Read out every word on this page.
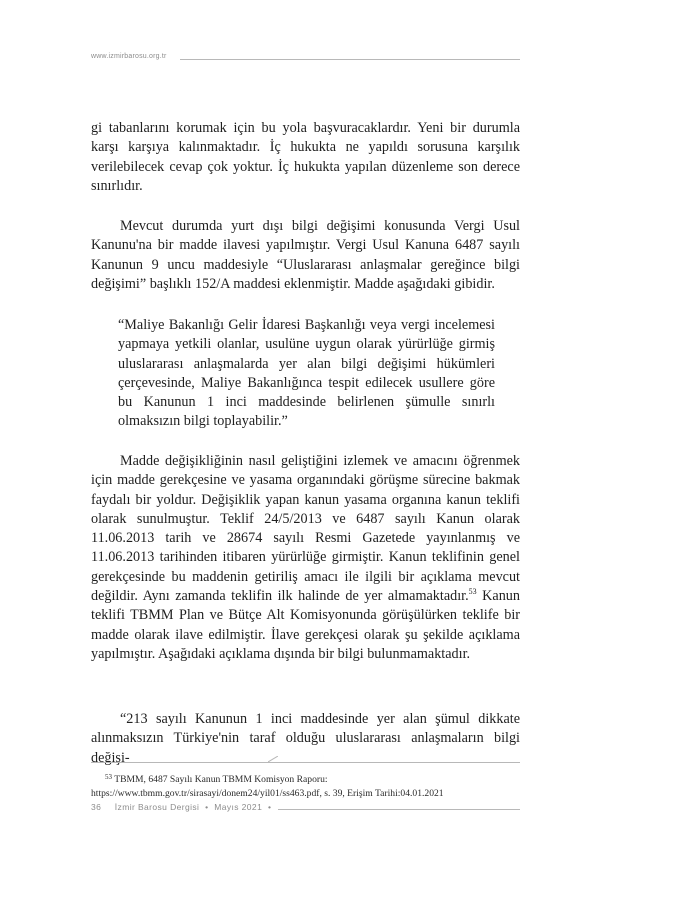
www.izmirbarosu.org.tr

gi tabanlarını korumak için bu yola başvuracaklardır. Yeni bir durumla karşı karşıya kalınmaktadır. İç hukukta ne yapıldı sorusuna karşılık verilebilecek cevap çok yoktur. İç hukukta yapılan düzenleme son derece sınırlıdır.

Mevcut durumda yurt dışı bilgi değişimi konusunda Vergi Usul Kanunu'na bir madde ilavesi yapılmıştır. Vergi Usul Kanuna 6487 sayılı Kanunun 9 uncu maddesiyle “Uluslararası anlaşmalar gereğince bilgi değişimi” başlıklı 152/A maddesi eklenmiştir. Madde aşağıdaki gibidir.

“Maliye Bakanlığı Gelir İdaresi Başkanlığı veya vergi incelemesi yapmaya yetkili olanlar, usulüne uygun olarak yürürlüğe girmiş uluslararası anlaşmalarda yer alan bilgi değişimi hükümleri çerçevesinde, Maliye Bakanlığınca tespit edilecek usullere göre bu Kanunun 1 inci maddesinde belirlenen şümulle sınırlı olmaksızın bilgi toplayabilir.”

Madde değişikliğinin nasıl geliştiğini izlemek ve amacını öğrenmek için madde gerekçesine ve yasama organındaki görüşme sürecine bakmak faydalı bir yoldur. Değişiklik yapan kanun yasama organına kanun teklifi olarak sunulmuştur. Teklif 24/5/2013 ve 6487 sayılı Kanun olarak 11.06.2013 tarih ve 28674 sayılı Resmi Gazetede yayınlanmış ve 11.06.2013 tarihinden itibaren yürürlüğe girmiştir. Kanun teklifinin genel gerekçesinde bu maddenin getiriliş amacı ile ilgili bir açıklama mevcut değildir. Aynı zamanda teklifin ilk halinde de yer almamaktadır.$^{53}$ Kanun teklifi TBMM Plan ve Bütçe Alt Komisyonunda görüşülürken teklife bir madde olarak ilave edilmiştir. İlave gerekçesi olarak şu şekilde açıklama yapılmıştır. Aşağıdaki açıklama dışında bir bilgi bulunmamaktadır.

“213 sayılı Kanunun 1 inci maddesinde yer alan şümul dikkate alınmaksızın Türkiye'nin taraf olduğu uluslararası anlaşmaların bilgi değişi-

$^{53}$ TBMM, 6487 Sayılı Kanun TBMM Komisyon Raporu: https://www.tbmm.gov.tr/sirasayi/donem24/yil01/ss463.pdf, s. 39, Erişim Tarihi:04.01.2021
36 İzmir Barosu Dergisi • Mayıs 2021 •
